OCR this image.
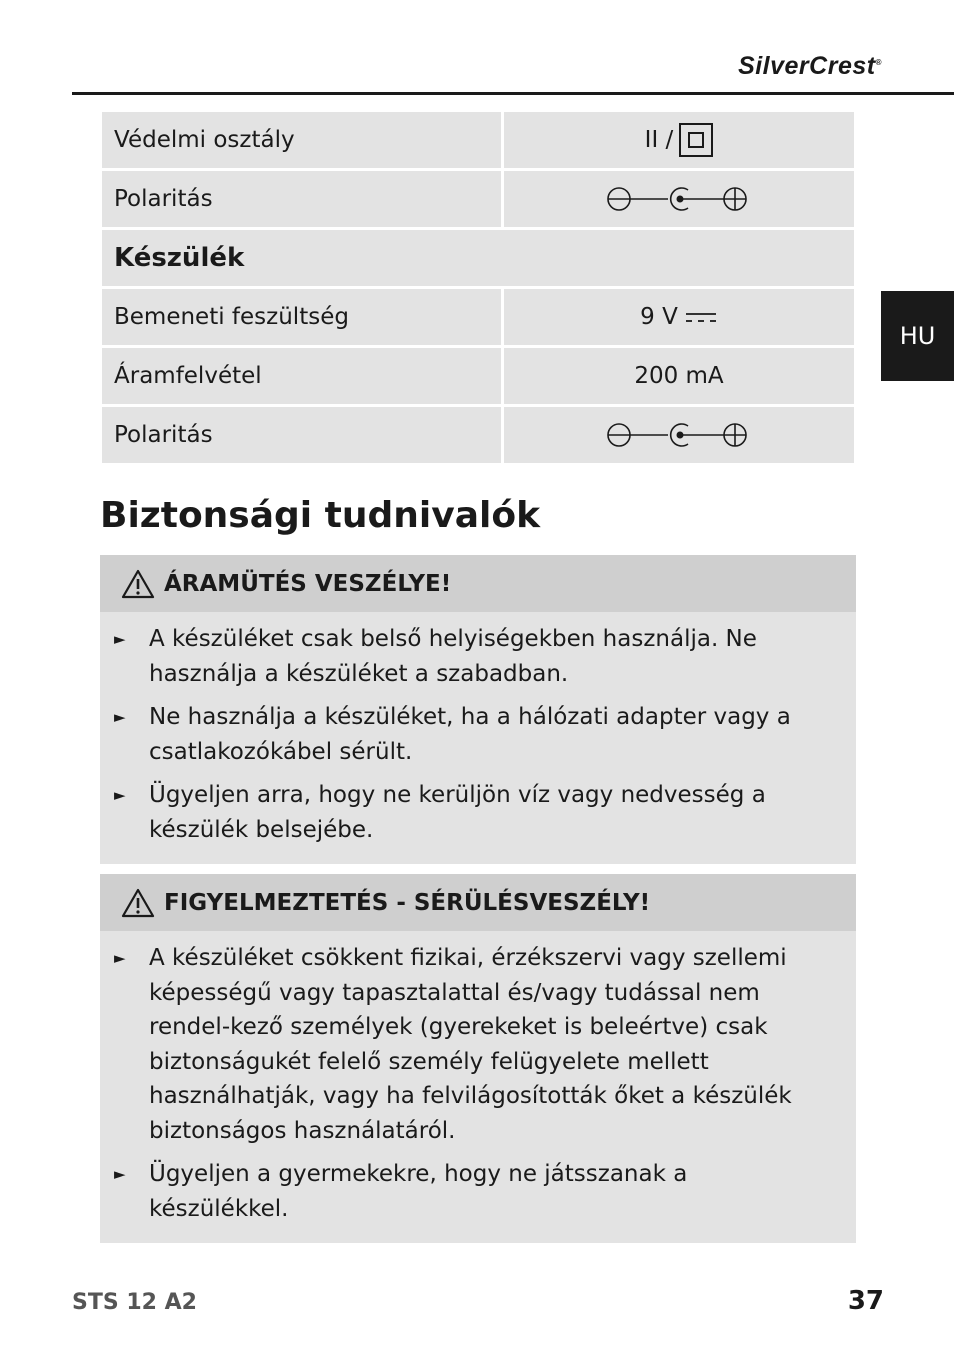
SilverCrest®
HU
Védelmi osztály	II /
Polaritás
Készülék
Bemeneti feszültség	9 V
Áramfelvétel	200 mA
Polaritás
Biztonsági tudnivalók
ÁRAMÜTÉS VESZÉLYE!
►	A készüléket csak belső helyiségekben használja. Ne használja a készüléket a szabadban.
►	Ne használja a készüléket, ha a hálózati adapter vagy a csatlakozókábel sérült.
►	Ügyeljen arra, hogy ne kerüljön víz vagy nedvesség a készülék belsejébe.
FIGYELMEZTETÉS - SÉRÜLÉSVESZÉLY!
►	A készüléket csökkent fizikai, érzékszervi vagy szellemi képességű vagy tapasztalattal és/vagy tudással nem rendel-kező személyek (gyerekeket is beleértve) csak biztonságukét felelő személy felügyelete mellett használhatják, vagy ha felvilágosították őket a készülék biztonságos használatáról.
►	Ügyeljen a gyermekekre, hogy ne játsszanak a készülékkel.
STS 12 A2	37
